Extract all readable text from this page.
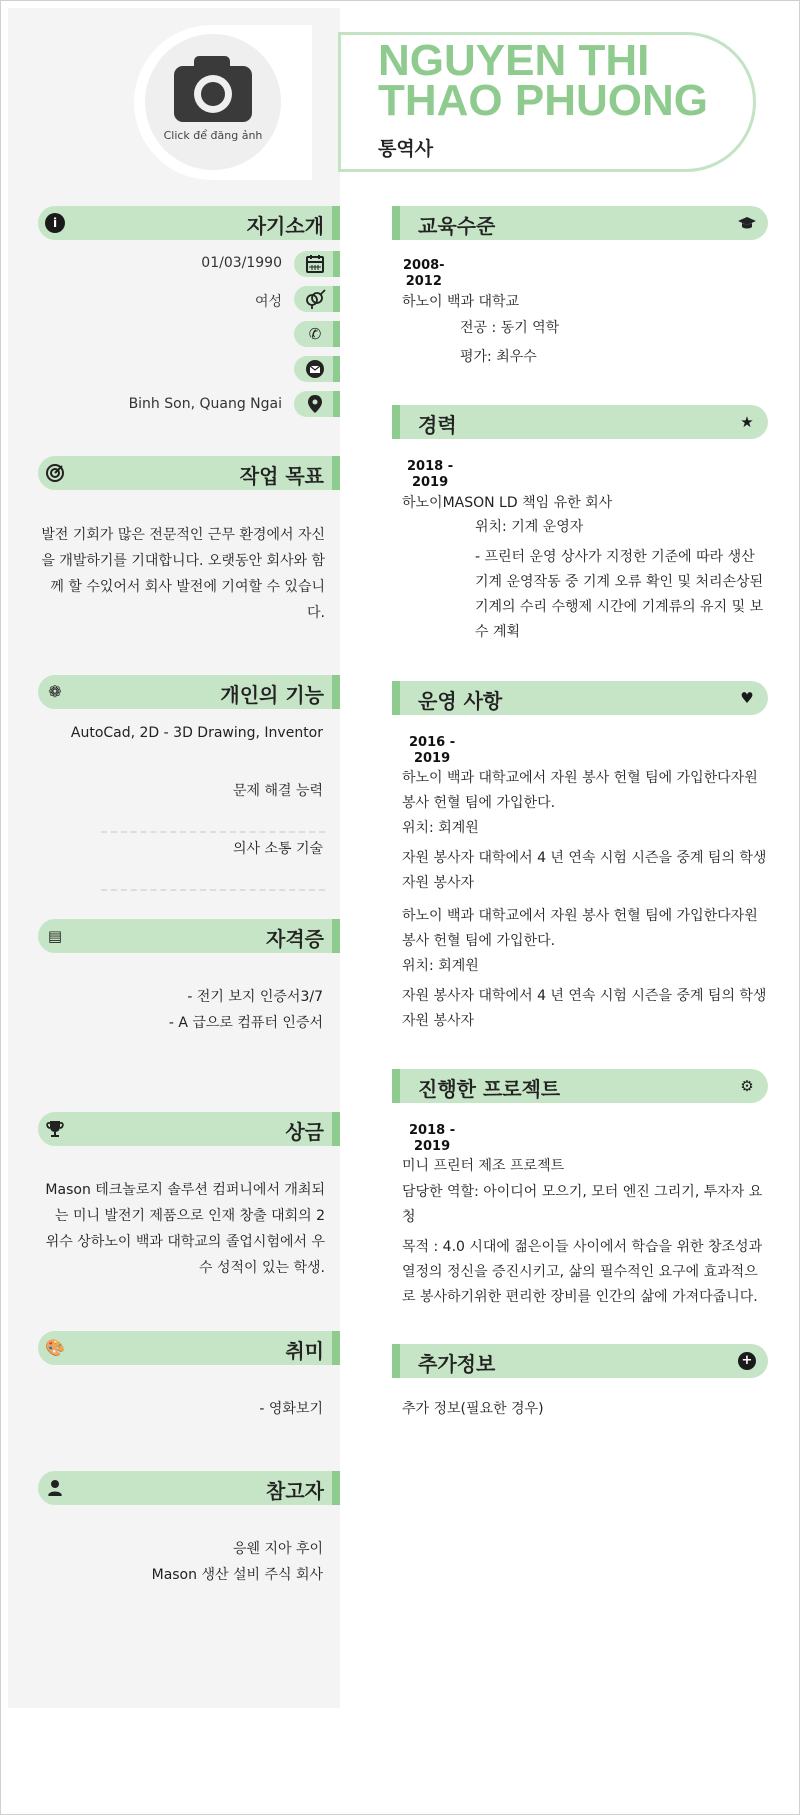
Click để đăng ảnh
NGUYEN THI THAO PHUONG
통역사
i	자기소개
01/03/1990
여성
✆
Binh Son, Quang Ngai
작업 목표
발전 기회가 많은 전문적인 근무 환경에서 자신을 개발하기를 기대합니다. 오랫동안 회사와 함께 할 수있어서 회사 발전에 기여할 수 있습니다.
❁	개인의 기능
AutoCad, 2D - 3D Drawing, Inventor
문제 해결 능력
의사 소통 기술
▤	자격증
- 전기 보지 인증서3/7
- A 급으로 컴퓨터 인증서
상금
Mason 테크놀로지 솔루션 컴퍼니에서 개최되는 미니 발전기 제품으로 인재 창출 대회의 2 위수 상하노이 백과 대학교의 졸업시험에서 우수 성적이 있는 학생.
🎨	취미
- 영화보기
참고자
응웬 지아 후이
Mason 생산 설비 주식 회사
교육수준
2008-
2012
하노이 백과 대학교
전공 : 동기 역학
평가: 최우수
경력	★
2018 -
2019
하노이MASON LD 책임 유한 회사
위치: 기계 운영자
- 프린터 운영 상사가 지정한 기준에 따라 생산 기계 운영작동 중 기계 오류 확인 및 처리손상된 기계의 수리 수행제 시간에 기계류의 유지 및 보수 계획
운영 사항	♥
2016 -
2019
하노이 백과 대학교에서 자원 봉사 헌혈 팀에 가입한다자원 봉사 헌혈 팀에 가입한다.
위치: 회계원
자원 봉사자 대학에서 4 년 연속 시험 시즌을 중계 팀의 학생 자원 봉사자
하노이 백과 대학교에서 자원 봉사 헌혈 팀에 가입한다자원 봉사 헌혈 팀에 가입한다.
위치: 회계원
자원 봉사자 대학에서 4 년 연속 시험 시즌을 중계 팀의 학생 자원 봉사자
진행한 프로젝트	⚙
2018 -
2019
미니 프린터 제조 프로젝트
담당한 역할: 아이디어 모으기, 모터 엔진 그리기, 투자자 요청
목적 : 4.0 시대에 젊은이들 사이에서 학습을 위한 창조성과 열정의 정신을 증진시키고, 삶의 필수적인 요구에 효과적으로 봉사하기위한 편리한 장비를 인간의 삶에 가져다줍니다.
추가정보	+
추가 정보(필요한 경우)
